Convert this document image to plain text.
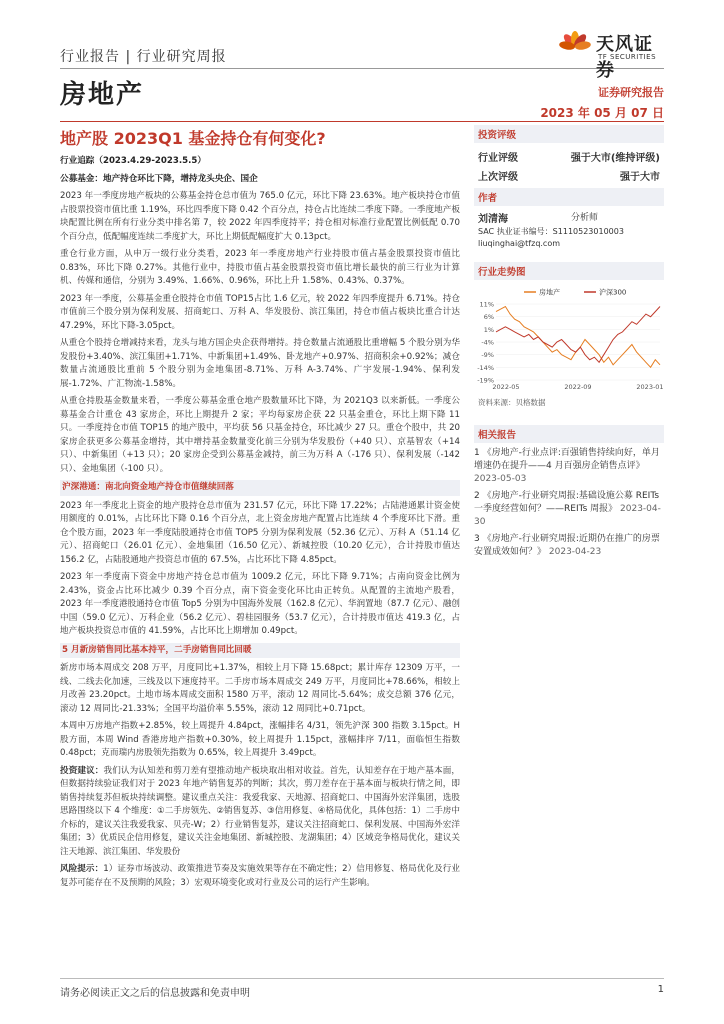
行业报告 | 行业研究周报
房地产
天风证券
TF SECURITIES
证券研究报告
2023 年 05 月 07 日
地产股 2023Q1 基金持仓有何变化?

行业追踪（2023.4.29-2023.5.5）

公募基金：地产持仓环比下降，增持龙头央企、国企

2023 年一季度房地产板块的公募基金持仓总市值为 765.0 亿元，环比下降 23.63%。地产板块持仓市值占股票投资市值比重 1.19%，环比四季度下降 0.42 个百分点，持仓占比连续二季度下降。一季度地产板块配置比例在所有行业分类中排名第 7，较 2022 年四季度持平；持仓相对标准行业配置比例低配 0.70 个百分点，低配幅度连续二季度扩大，环比上期低配幅度扩大 0.13pct。

重仓行业方面，从申万一级行业分类看，2023 年一季度房地产行业持股市值占基金股票投资市值比 0.83%，环比下降 0.27%。其他行业中，持股市值占基金股票投资市值比增长最快的前三行业为计算机、传媒和通信，分别为 3.49%、1.66%、0.96%，环比上升 1.58%、0.43%、0.37%。

2023 年一季度，公募基金重仓股持仓市值 TOP15占比 1.6 亿元，较 2022 年四季度提升 6.71%。持仓市值前三个股分别为保利发展、招商蛇口、万科 A、华发股份、滨江集团，持仓市值占板块比重合计达 47.29%，环比下降-3.05pct。

从重仓个股持仓增减持来看，龙头与地方国企央企获得增持。持仓数量占流通股比重增幅 5 个股分别为华发股份+3.40%、滨江集团+1.71%、中新集团+1.49%、卧龙地产+0.97%、招商积余+0.92%；减仓数量占流通股比重前 5 个股分别为金地集团-8.71%、万科 A-3.74%、广宇发展-1.94%、保利发展-1.72%、广汇物流-1.58%。

从重仓持股基金数量来看，一季度公募基金重仓地产股数量环比下降，为 2021Q3 以来新低。一季度公募基金合计重仓 43 家房企，环比上期提升 2 家；平均每家房企获 22 只基金重仓，环比上期下降 11 只。一季度持仓市值 TOP15 的地产股中，平均获 56 只基金持仓，环比减少 27 只。重仓个股中，共 20 家房企获更多公募基金增持，其中增持基金数量变化前三分别为华发股份（+40 只）、京基智农（+14 只）、中新集团（+13 只）；20 家房企受到公募基金减持，前三为万科 A（-176 只）、保利发展（-142 只）、金地集团（-100 只）。

沪深港通：南北向资金地产持仓市值继续回落

2023 年一季度北上资金的地产股持仓总市值为 231.57 亿元，环比下降 17.22%；占陆港通累计资金使用额度的 0.01%，占比环比下降 0.16 个百分点，北上资金房地产配置占比连续 4 个季度环比下滑。重仓个股方面，2023 年一季度陆股通持仓市值 TOP5 分别为保利发展（52.36 亿元）、万科 A（51.14 亿元）、招商蛇口（26.01 亿元）、金地集团（16.50 亿元）、新城控股（10.20 亿元），合计持股市值达 156.2 亿，占陆股通地产投资总市值的 67.5%，占比环比下降 4.85pct。

2023 年一季度南下资金中房地产持仓总市值为 1009.2 亿元，环比下降 9.71%；占南向资金比例为 2.43%，资金占比环比减少 0.39 个百分点，南下资金变化环比由正转负。从配置的主流地产股看，2023 年一季度港股通持仓市值 Top5 分别为中国海外发展（162.8 亿元）、华润置地（87.7 亿元）、融创中国（59.0 亿元）、万科企业（56.2 亿元）、碧桂园服务（53.7 亿元），合计持股市值达 419.3 亿，占地产板块投资总市值的 41.59%，占比环比上期增加 0.49pct。

5 月新房销售同比基本持平，二手房销售同比回暖

新房市场本周成交 208 万平，月度同比+1.37%，相较上月下降 15.68pct；累计库存 12309 万平，一线、二线去化加速，三线及以下速度持平。二手房市场本周成交 249 万平，月度同比+78.66%，相较上月改善 23.20pct。土地市场本周成交面积 1580 万平，滚动 12 周同比-5.64%；成交总额 376 亿元，滚动 12 周同比-21.33%；全国平均溢价率 5.55%，滚动 12 周同比+0.71pct。

本周申万房地产指数+2.85%，较上周提升 4.84pct，涨幅排名 4/31，领先沪深 300 指数 3.15pct。H 股方面，本周 Wind 香港房地产指数+0.30%，较上周提升 1.15pct，涨幅排序 7/11，面临恒生指数 0.48pct；克而瑞内房股领先指数为 0.65%，较上周提升 3.49pct。

投资建议：我们认为认知差和剪刀差有望推动地产板块取出相对收益。首先，认知差存在于地产基本面，但数据持续验证我们对于 2023 年地产销售复苏的判断；其次，剪刀差存在于基本面与板块行情之间，即销售持续复苏但板块持续调整。建议重点关注：我爱我家、天地源、招商蛇口、中国海外宏洋集团，选股思路围绕以下 4 个维度：①二手房领先、②销售复苏、③信用修复、④格局优化，具体包括：1）二手房中介标的，建议关注我爱我家、贝壳-W；2）行业销售复苏，建议关注招商蛇口、保利发展、中国海外宏洋集团；3）优质民企信用修复，建议关注金地集团、新城控股、龙湖集团；4）区域竞争格局优化，建议关注天地源、滨江集团、华发股份

风险提示：1）证券市场波动、政策推进节奏及实施效果等存在不确定性；2）信用修复、格局优化及行业复苏可能存在不及预期的风险；3）宏观环境变化或对行业及公司的运行产生影响。

投资评级
行业评级	强于大市(维持评级)
上次评级	强于大市
作者
刘清海	分析师
SAC 执业证书编号：S1110523010003
liuqinghai@tfzq.com
行业走势图
11%
6%
1%
-4%
-9%
-14%
-19%
2022-05	2022-09	2023-01
房地产	沪深300
资料来源：贝格数据
相关报告

1 《房地产-行业点评:百强销售持续向好，单月增速仍在提升——4 月百强房企销售点评》 2023-05-03

2 《房地产-行业研究周报:基础设施公募 REITs 一季度经营如何？——REITs 周报》 2023-04-30

3 《房地产-行业研究周报:近期仍在推广的房票安置成效如何？》 2023-04-23

请务必阅读正文之后的信息披露和免责申明	1
